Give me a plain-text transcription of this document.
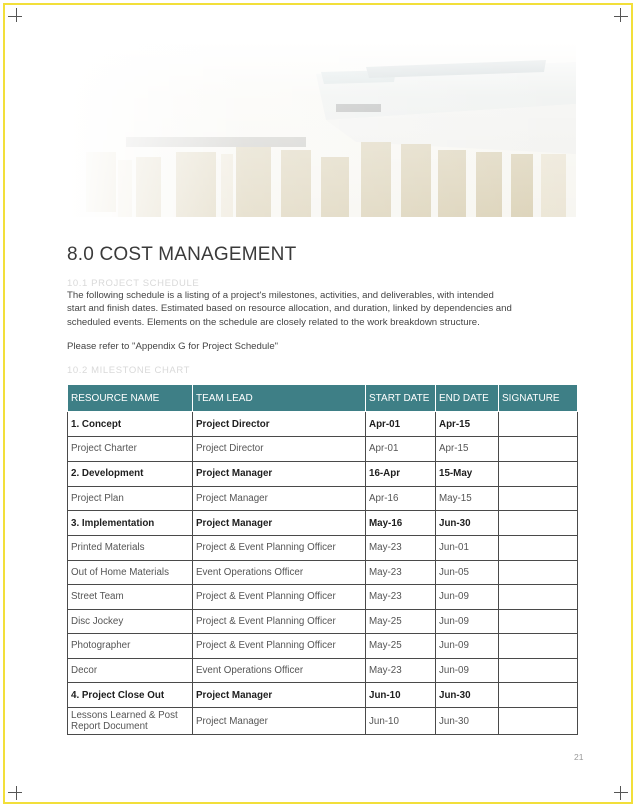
8.0 COST MANAGEMENT
10.1 PROJECT SCHEDULE

The following schedule is a listing of a project's milestones, activities, and deliverables, with intended

start and finish dates. Estimated based on resource allocation, and duration, linked by dependencies and

scheduled events. Elements on the schedule are closely related to the work breakdown structure.

Please refer to "Appendix G for Project Schedule"
10.2 MILESTONE CHART
RESOURCE NAME	TEAM LEAD	START DATE	END DATE	SIGNATURE
1. Concept	Project Director	Apr-01	Apr-15	
Project Charter	Project Director	Apr-01	Apr-15	
2. Development	Project Manager	16-Apr	15-May	
Project Plan	Project Manager	Apr-16	May-15	
3. Implementation	Project Manager	May-16	Jun-30	
Printed Materials	Project & Event Planning Officer	May-23	Jun-01	
Out of Home Materials	Event Operations Officer	May-23	Jun-05	
Street Team	Project & Event Planning Officer	May-23	Jun-09	
Disc Jockey	Project & Event Planning Officer	May-25	Jun-09	
Photographer	Project & Event Planning Officer	May-25	Jun-09	
Decor	Event Operations Officer	May-23	Jun-09	
4. Project Close Out	Project Manager	Jun-10	Jun-30	
Lessons Learned & Post Report Document	Project Manager	Jun-10	Jun-30	
21
